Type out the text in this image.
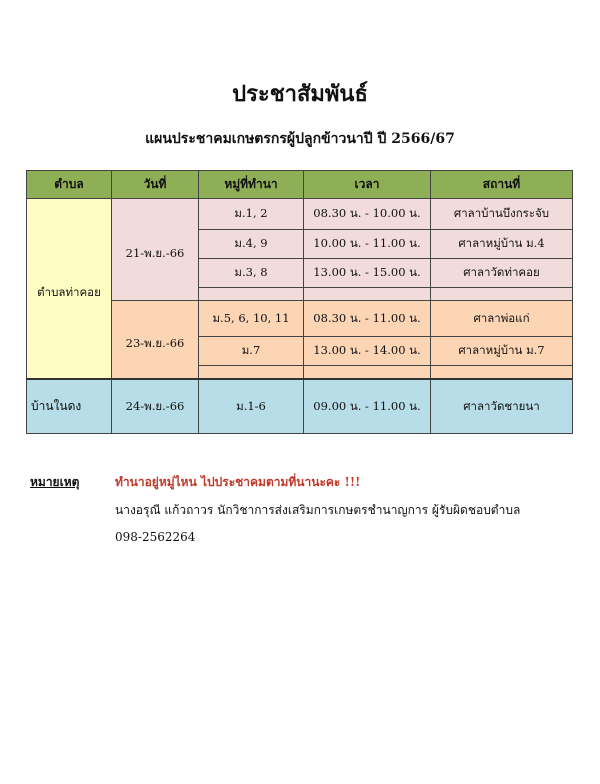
ประชาสัมพันธ์
แผนประชาคมเกษตรกรผู้ปลูกข้าวนาปี ปี 2566/67
ตำบล	วันที่	หมู่ที่ทำนา	เวลา	สถานที่
ตำบลท่าคอย	21-พ.ย.-66	ม.1, 2	08.30 น. - 10.00 น.	ศาลาบ้านบึงกระจับ
		ม.4, 9	10.00 น. - 11.00 น.	ศาลาหมู่บ้าน ม.4
		ม.3, 8	13.00 น. - 15.00 น.	ศาลาวัดท่าคอย

	23-พ.ย.-66	ม.5, 6, 10, 11	08.30 น. - 11.00 น.	ศาลาพ่อแก่
		ม.7	13.00 น. - 14.00 น.	ศาลาหมู่บ้าน ม.7

บ้านในดง	24-พ.ย.-66	ม.1-6	09.00 น. - 11.00 น.	ศาลาวัดชายนา
หมายเหตุ	ทำนาอยู่หมู่ไหน ไปประชาคมตามที่นานะคะ !!!
นางอรุณี แก้วถาวร นักวิชาการส่งเสริมการเกษตรชำนาญการ ผู้รับผิดชอบตำบล
098-2562264
